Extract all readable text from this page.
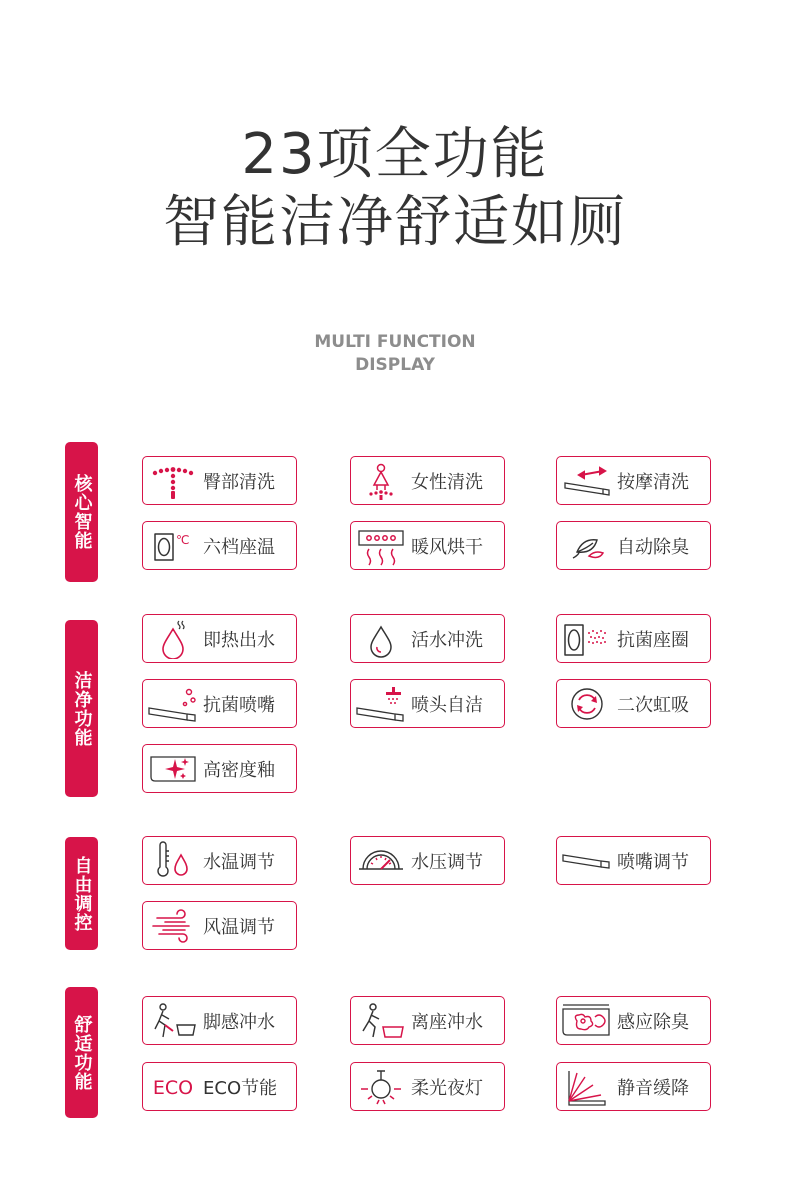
23项全功能
智能洁净舒适如厕
MULTI FUNCTION
DISPLAY
核心智能
洁净功能
自由调控
舒适功能
臀部清洗	女性清洗	按摩清洗
℃ 六档座温	暖风烘干	自动除臭
即热出水	活水冲洗	抗菌座圈
抗菌喷嘴	喷头自洁	二次虹吸
高密度釉
水温调节	水压调节	喷嘴调节
风温调节
脚感冲水	离座冲水	感应除臭
ECO ECO节能	柔光夜灯	静音缓降
